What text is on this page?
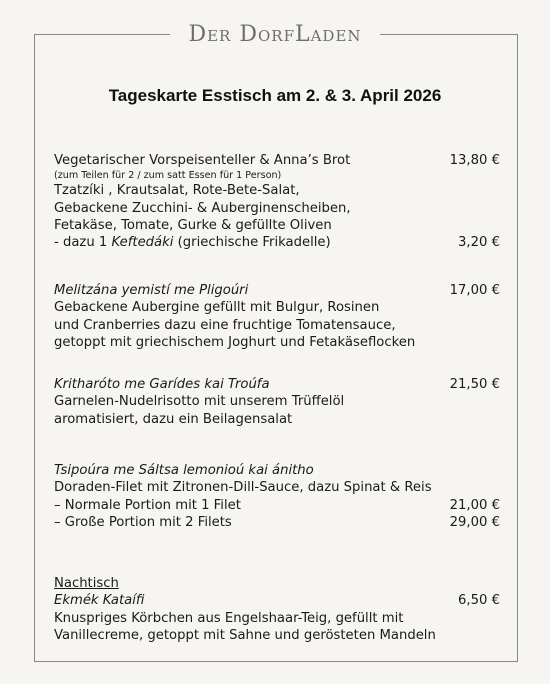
Der DorfLaden
Tageskarte Esstisch am 2. & 3. April 2026
Vegetarischer Vorspeisenteller & Anna’s Brot	13,80 €
(zum Teilen für 2 / zum satt Essen für 1 Person)
Tzatzíki , Krautsalat, Rote-Bete-Salat,
Gebackene Zucchini- & Auberginenscheiben,
Fetakäse, Tomate, Gurke & gefüllte Oliven
- dazu 1 Keftedáki (griechische Frikadelle)	3,20 €
Melitzána yemistí me Pligoúri	17,00 €
Gebackene Aubergine gefüllt mit Bulgur, Rosinen
und Cranberries dazu eine fruchtige Tomatensauce,
getoppt mit griechischem Joghurt und Fetakäseflocken
Kritharóto me Garídes kai Troúfa	21,50 €
Garnelen-Nudelrisotto mit unserem Trüffelöl
aromatisiert, dazu ein Beilagensalat
Tsipoúra me Sáltsa lemonioú kai ánitho
Doraden-Filet mit Zitronen-Dill-Sauce, dazu Spinat & Reis
– Normale Portion mit 1 Filet	21,00 €
– Große Portion mit 2 Filets	29,00 €
Nachtisch
Ekmék Kataífi	6,50 €
Knuspriges Körbchen aus Engelshaar-Teig, gefüllt mit
Vanillecreme, getoppt mit Sahne und gerösteten Mandeln
